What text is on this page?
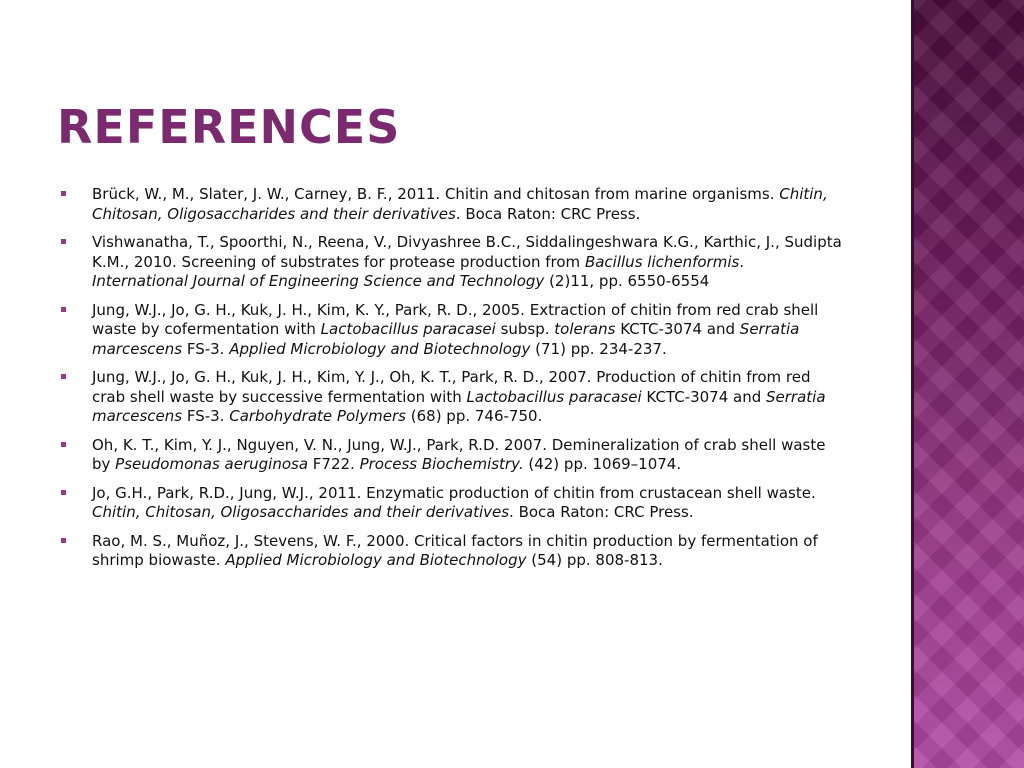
REFERENCES
Brück, W., M., Slater, J. W., Carney, B. F., 2011. Chitin and chitosan from marine organisms. Chitin, Chitosan, Oligosaccharides and their derivatives. Boca Raton: CRC Press.
Vishwanatha, T., Spoorthi, N., Reena, V., Divyashree B.C., Siddalingeshwara K.G., Karthic, J., Sudipta K.M., 2010. Screening of substrates for protease production from Bacillus lichenformis. International Journal of Engineering Science and Technology (2)11, pp. 6550-6554
Jung, W.J., Jo, G. H., Kuk, J. H., Kim, K. Y., Park, R. D., 2005. Extraction of chitin from red crab shell waste by cofermentation with Lactobacillus paracasei subsp. tolerans KCTC-3074 and Serratia marcescens FS-3. Applied Microbiology and Biotechnology (71) pp. 234-237.
Jung, W.J., Jo, G. H., Kuk, J. H., Kim, Y. J., Oh, K. T., Park, R. D., 2007. Production of chitin from red crab shell waste by successive fermentation with Lactobacillus paracasei KCTC-3074 and Serratia marcescens FS-3. Carbohydrate Polymers (68) pp. 746-750.
Oh, K. T., Kim, Y. J., Nguyen, V. N., Jung, W.J., Park, R.D. 2007. Demineralization of crab shell waste by Pseudomonas aeruginosa F722. Process Biochemistry. (42) pp. 1069–1074.
Jo, G.H., Park, R.D., Jung, W.J., 2011. Enzymatic production of chitin from crustacean shell waste. Chitin, Chitosan, Oligosaccharides and their derivatives. Boca Raton: CRC Press.
Rao, M. S., Muñoz, J., Stevens, W. F., 2000. Critical factors in chitin production by fermentation of shrimp biowaste. Applied Microbiology and Biotechnology (54) pp. 808-813.
